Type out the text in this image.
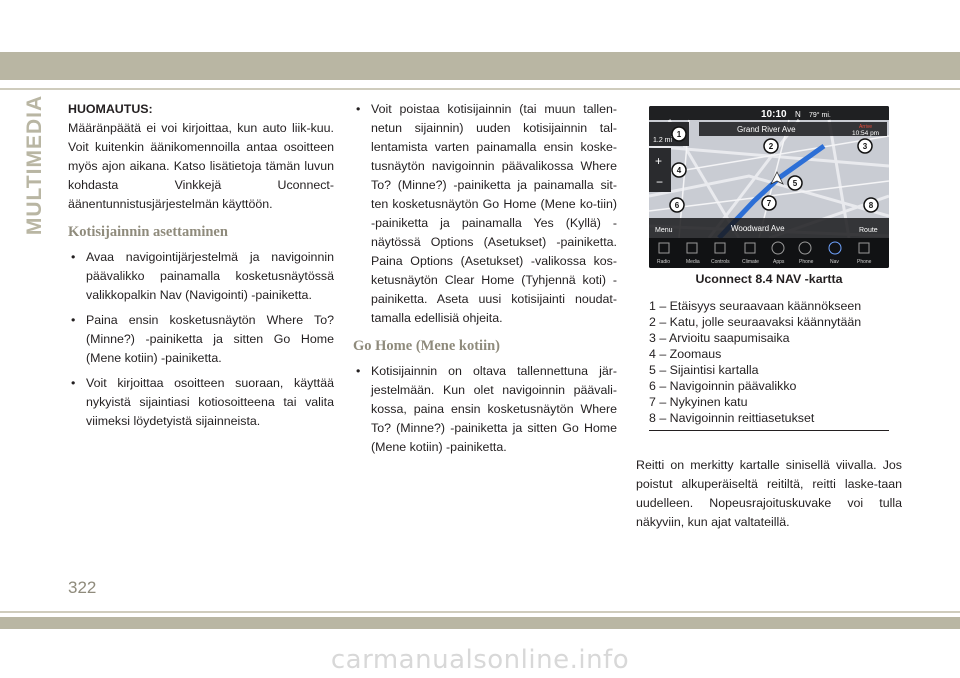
MULTIMEDIA HUOMAUTUS:

Määränpäätä ei voi kirjoittaa, kun auto liik-kuu. Voit kuitenkin äänikomennoilla antaa osoitteen myös ajon aikana. Katso lisätietoja tämän luvun kohdasta Vinkkejä Uconnect-äänentunnistusjärjestelmän käyttöön.

Kotisijainnin asettaminen
• Avaa navigointijärjestelmä ja navigoinnin päävalikko painamalla kosketusnäytössä valikkopalkin Nav (Navigointi) -painiketta.
• Paina ensin kosketusnäytön Where To? (Minne?) -painiketta ja sitten Go Home (Mene kotiin) -painiketta.
• Voit kirjoittaa osoitteen suoraan, käyttää nykyistä sijaintiasi kotiosoitteena tai valita viimeksi löydetyistä sijainneista.
• Voit poistaa kotisijainnin (tai muun tallen-netun sijainnin) uuden kotisijainnin tal-lentamista varten painamalla ensin koske-tusnäytön navigoinnin päävalikossa Where To? (Minne?) -painiketta ja painamalla sit-ten kosketusnäytön Go Home (Mene ko-tiin) -painiketta ja painamalla Yes (Kyllä) -näytössä Options (Asetukset) -painiketta. Paina Options (Asetukset) -valikossa kos-ketusnäytön Clear Home (Tyhjennä koti) -painiketta. Aseta uusi kotisijainti noudat-tamalla edellisiä ohjeita.
Go Home (Mene kotiin)
• Kotisijainnin on oltava tallennettuna jär-jestelmään. Kun olet navigoinnin päävali-kossa, paina ensin kosketusnäytön Where To? (Minne?) -painiketta ja sitten Go Home (Mene kotiin) -painiketta.
10:10 N 79° mi.
Grand River Ave	Arrive
10:54 pm
1.2 mi
+
−
Menu	Woodward Ave	Route
Radio	Media Controls Climate	Apps	Phone	Nav	Phone
1
2	3
4
5
6	7	8
Uconnect 8.4 NAV -kartta
1 – Etäisyys seuraavaan käännökseen
2 – Katu, jolle seuraavaksi käännytään
3 – Arvioitu saapumisaika
4 – Zoomaus
5 – Sijaintisi kartalla
6 – Navigoinnin päävalikko
7 – Nykyinen katu
8 – Navigoinnin reittiasetukset

Reitti on merkitty kartalle sinisellä viivalla. Jos poistut alkuperäiseltä reitiltä, reitti laske-taan uudelleen. Nopeusrajoituskuvake voi tulla näkyviin, kun ajat valtateillä.

322
carmanualsonline.info
